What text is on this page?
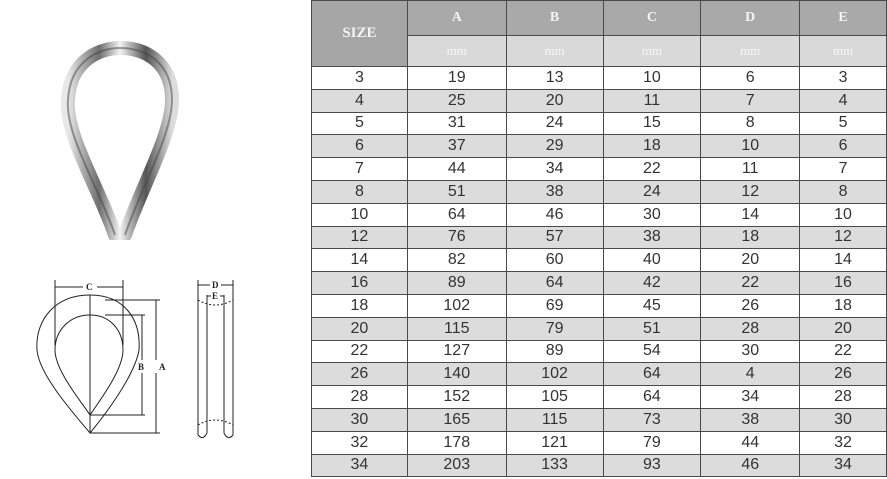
C
B A
D
E
SIZE	A	B	C	D	E
	mm	mm	mm	mm	mm
3	19	13	10	6	3
4	25	20	11	7	4
5	31	24	15	8	5
6	37	29	18	10	6
7	44	34	22	11	7
8	51	38	24	12	8
10	64	46	30	14	10
12	76	57	38	18	12
14	82	60	40	20	14
16	89	64	42	22	16
18	102	69	45	26	18
20	115	79	51	28	20
22	127	89	54	30	22
26	140	102	64	4	26
28	152	105	64	34	28
30	165	115	73	38	30
32	178	121	79	44	32
34	203	133	93	46	34
